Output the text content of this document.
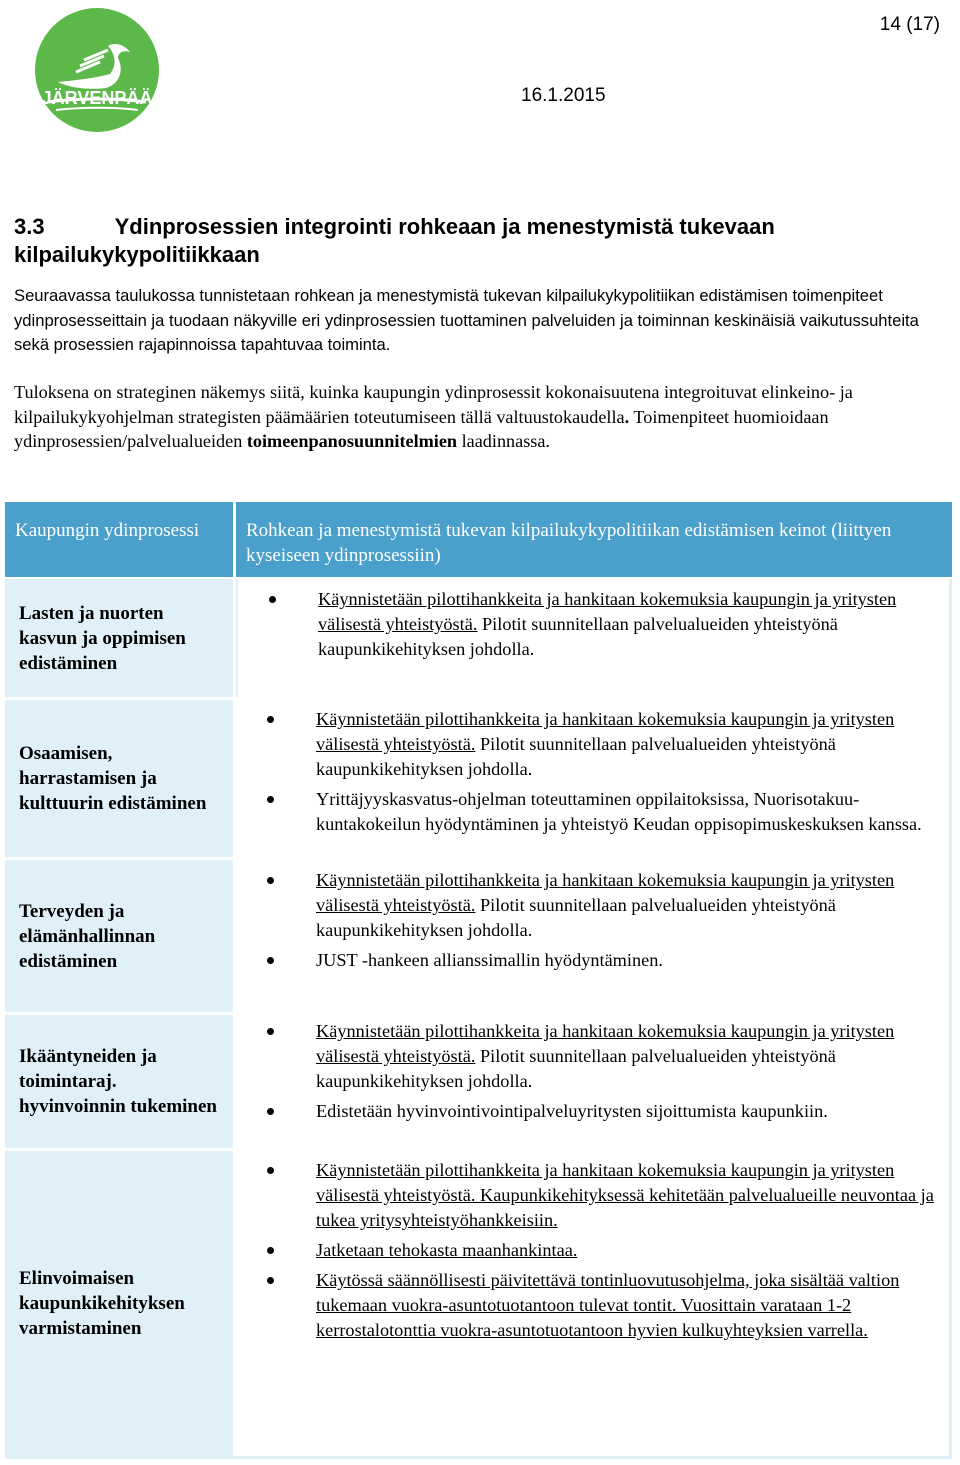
JÄRVENPÄÄ
14 (17)
16.1.2015
3.3	Ydinprosessien integrointi rohkeaan ja menestymistä tukevaan kilpailukykypolitiikkaan

Seuraavassa taulukossa tunnistetaan rohkean ja menestymistä tukevan kilpailukykypolitiikan edistämisen toimenpiteet ydinprosesseittain ja tuodaan näkyville eri ydinprosessien tuottaminen palveluiden ja toiminnan keskinäisiä vaikutussuhteita sekä prosessien rajapinnoissa tapahtuvaa toiminta.

Tuloksena on strateginen näkemys siitä, kuinka kaupungin ydinprosessit kokonaisuutena integroituvat elinkeino- ja kilpailukykyohjelman strategisten päämäärien toteutumiseen tällä valtuustokaudella. Toimenpiteet huomioidaan ydinprosessien/palvelualueiden toimeenpanosuunnitelmien laadinnassa.

Kaupungin ydinprosessi	Rohkean ja menestymistä tukevan kilpailukykypolitiikan edistämisen keinot (liittyen kyseiseen ydinprosessiin)
Lasten ja nuorten kasvun ja oppimisen edistäminen
Käynnistetään pilottihankkeita ja hankitaan kokemuksia kaupungin ja yritysten välisestä yhteistyöstä. Pilotit suunnitellaan palvelualueiden yhteistyönä kaupunkikehityksen johdolla.
Osaamisen, harrastamisen ja kulttuurin edistäminen
Käynnistetään pilottihankkeita ja hankitaan kokemuksia kaupungin ja yritysten välisestä yhteistyöstä. Pilotit suunnitellaan palvelualueiden yhteistyönä kaupunkikehityksen johdolla.
Yrittäjyyskasvatus-ohjelman toteuttaminen oppilaitoksissa, Nuorisotakuu-kuntakokeilun hyödyntäminen ja yhteistyö Keudan oppisopimuskeskuksen kanssa.
Terveyden ja elämänhallinnan edistäminen
Käynnistetään pilottihankkeita ja hankitaan kokemuksia kaupungin ja yritysten välisestä yhteistyöstä. Pilotit suunnitellaan palvelualueiden yhteistyönä kaupunkikehityksen johdolla.
JUST -hankeen allianssimallin hyödyntäminen.
Ikääntyneiden ja toimintaraj. hyvinvoinnin tukeminen
Käynnistetään pilottihankkeita ja hankitaan kokemuksia kaupungin ja yritysten välisestä yhteistyöstä. Pilotit suunnitellaan palvelualueiden yhteistyönä kaupunkikehityksen johdolla.
Edistetään hyvinvointivointipalveluyritysten sijoittumista kaupunkiin.
Elinvoimaisen kaupunkikehityksen varmistaminen
Käynnistetään pilottihankkeita ja hankitaan kokemuksia kaupungin ja yritysten välisestä yhteistyöstä. Kaupunkikehityksessä kehitetään palvelualueille neuvontaa ja tukea yritysyhteistyöhankkeisiin.
Jatketaan tehokasta maanhankintaa.
Käytössä säännöllisesti päivitettävä tontinluovutusohjelma, joka sisältää valtion tukemaan vuokra-asuntotuotantoon tulevat tontit. Vuosittain varataan 1-2 kerrostalotonttia vuokra-asuntotuotantoon hyvien kulkuyhteyksien varrella.
